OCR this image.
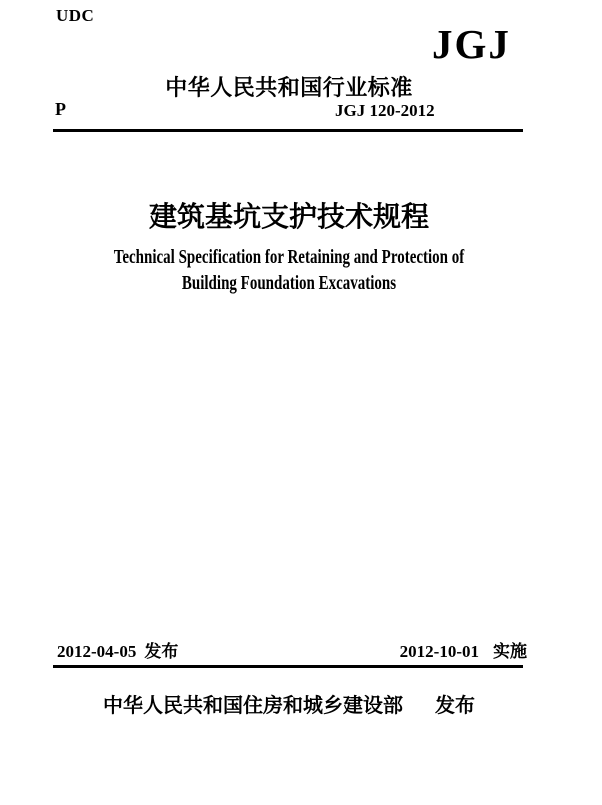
UDC
JGJ
中华人民共和国行业标准
P	JGJ 120-2012
建筑基坑支护技术规程
Technical Specification for Retaining and Protection of
Building Foundation Excavations
2012-04-05 发布	2012-10-01 实施
中华人民共和国住房和城乡建设部 发布
